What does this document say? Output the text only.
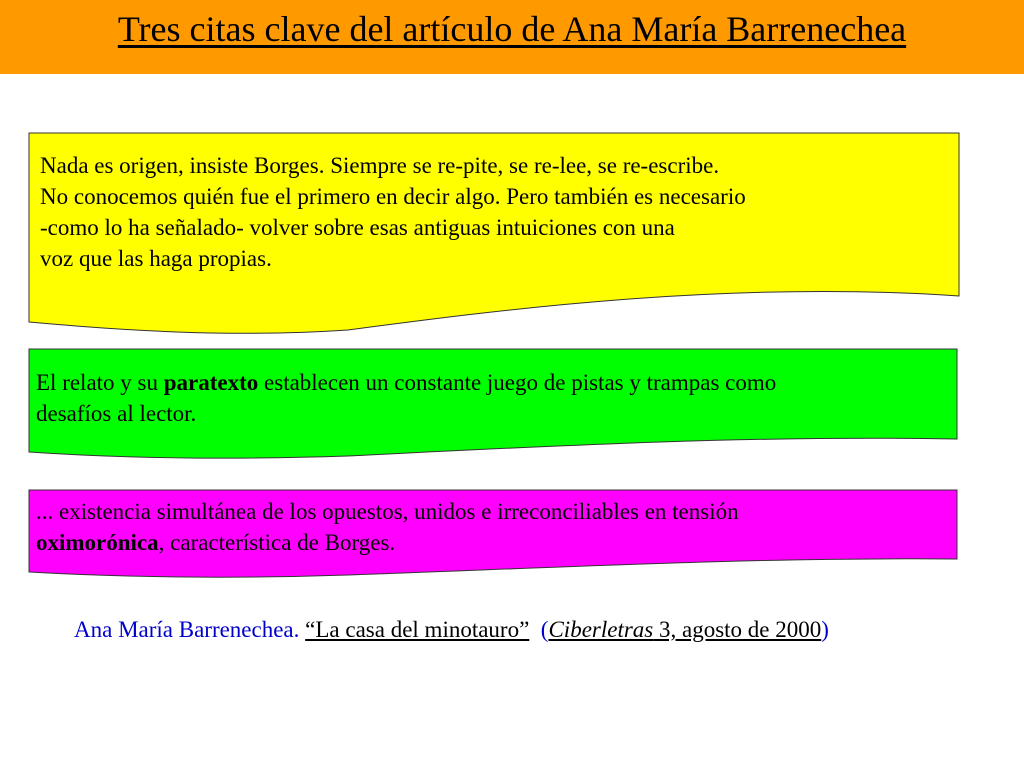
Tres citas clave del artículo de Ana María Barrenechea
Nada es origen, insiste Borges. Siempre se re-pite, se re-lee, se re-escribe.
No conocemos quién fue el primero en decir algo. Pero también es necesario
-como lo ha señalado- volver sobre esas antiguas intuiciones con una
voz que las haga propias.
El relato y su paratexto establecen un constante juego de pistas y trampas como
desafíos al lector.
... existencia simultánea de los opuestos, unidos e irreconciliables en tensión
oximorónica, característica de Borges.
Ana María Barrenechea. “La casa del minotauro” (Ciberletras 3, agosto de 2000)
